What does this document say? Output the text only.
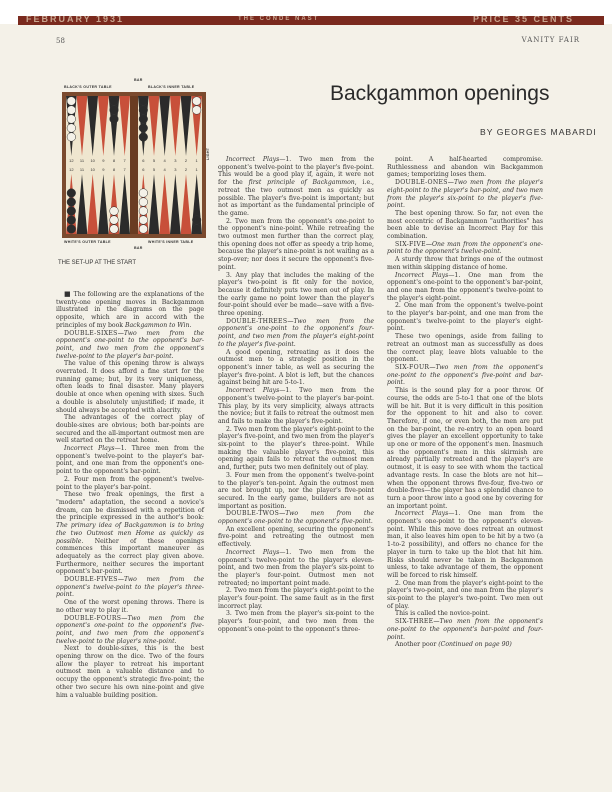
FEBRUARY 1931	THE CONDÉ NAST	PRICE 35 CENTS
58	VANITY FAIR
Backgammon openings
BY GEORGES MABARDI
BLACK'S OUTER TABLE	BLACK'S INNER TABLE
BAR
WHITE'S OUTER TABLE	WHITE'S INNER TABLE
BAR
LIGHT
12
12
11
11
10
10
9
9
8
8
7
7
6
6
5
5
4
4
3
3
2
2
1
1
THE SET-UP AT THE START

■ The following are the explanations of the twenty-one opening moves in Backgammon illustrated in the diagrams on the page opposite, which are in accord with the principles of my book Backgammon to Win.

DOUBLE-SIXES—Two men from the opponent's one-point to the opponent's bar-point, and two men from the opponent's twelve-point to the player's bar-point.

The value of this opening throw is always overrated. It does afford a fine start for the running game; but, by its very uniqueness, often leads to final disaster. Many players double at once when opening with sixes. Such a double is absolutely unjustified; if made, it should always be accepted with alacrity.

The advantages of the correct play of double-sixes are obvious; both bar-points are secured and the all-important outmost men are well started on the retreat home.

Incorrect Plays—1. Three men from the opponent's twelve-point to the player's bar-point, and one man from the opponent's one-point to the opponent's bar-point.

2. Four men from the opponent's twelve-point to the player's bar-point.

These two freak openings, the first a "modern" adaptation, the second a novice's dream, can be dismissed with a repetition of the principle expressed in the author's book: The primary idea of Backgammon is to bring the two Outmost men Home as quickly as possible. Neither of these openings commences this important maneuver as adequately as the correct play given above. Furthermore, neither secures the important opponent's bar-point.

DOUBLE-FIVES—Two men from the opponent's twelve-point to the player's three-point.

One of the worst opening throws. There is no other way to play it.

DOUBLE-FOURS—Two men from the opponent's one-point to the opponent's five-point, and two men from the opponent's twelve-point to the player's nine-point.

Next to double-sixes, this is the best opening throw on the dice. Two of the fours allow the player to retreat his important outmost men a valuable distance and to occupy the opponent's strategic five-point; the other two secure his own nine-point and give him a valuable building position.

Incorrect Plays—1. Two men from the opponent's twelve-point to the player's five-point. This would be a good play if, again, it were not for the first principle of Backgammon, i.e., retreat the two outmost men as quickly as possible. The player's five-point is important; but not as important as the fundamental principle of the game.

2. Two men from the opponent's one-point to the opponent's nine-point. While retreating the two outmost men further than the correct play, this opening does not offer as speedy a trip home, because the player's nine-point is not waiting as a stop-over; nor does it secure the opponent's five-point.

3. Any play that includes the making of the player's two-point is fit only for the novice, because it definitely puts two men out of play. In the early game no point lower than the player's four-point should ever be made—save with a five-three opening.

DOUBLE-THREES—Two men from the opponent's one-point to the opponent's four-point, and two men from the player's eight-point to the player's five-point.

A good opening, retreating as it does the outmost men to a strategic position in the opponent's inner table, as well as securing the player's five-point. A blot is left, but the chances against being hit are 5-to-1.

Incorrect Plays—1. Two men from the opponent's twelve-point to the player's bar-point. This play, by its very simplicity, always attracts the novice; but it fails to retreat the outmost men and fails to make the player's five-point.

2. Two men from the player's eight-point to the player's five-point, and two men from the player's six-point to the player's three-point. While making the valuable player's five-point, this opening again fails to retreat the outmost men and, further, puts two men definitely out of play.

3. Four men from the opponent's twelve-point to the player's ten-point. Again the outmost men are not brought up, nor the player's five-point secured. In the early game, builders are not as important as position.

DOUBLE-TWOS—Two men from the opponent's one-point to the opponent's five-point.

An excellent opening, securing the opponent's five-point and retreating the outmost men effectively.

Incorrect Plays—1. Two men from the opponent's twelve-point to the player's eleven-point, and two men from the player's six-point to the player's four-point. Outmost men not retreated; no important point made.

2. Two men from the player's eight-point to the player's four-point. The same fault as in the first incorrect play.

3. Two men from the player's six-point to the player's four-point, and two men from the opponent's one-point to the opponent's three-

point. A half-hearted compromise. Ruthlessness and abandon win Backgammon games; temporizing loses them.

DOUBLE-ONES—Two men from the player's eight-point to the player's bar-point, and two men from the player's six-point to the player's five-point.

The best opening throw. So far, not even the most eccentric of Backgammon "authorities" has been able to devise an Incorrect Play for this combination.

SIX-FIVE—One man from the opponent's one-point to the opponent's twelve-point.

A sturdy throw that brings one of the outmost men within skipping distance of home.

Incorrect Plays—1. One man from the opponent's one-point to the opponent's bar-point, and one man from the opponent's twelve-point to the player's eight-point.

2. One man from the opponent's twelve-point to the player's bar-point, and one man from the opponent's twelve-point to the player's eight-point.

These two openings, aside from failing to retreat an outmost man as successfully as does the correct play, leave blots valuable to the opponent.

SIX-FOUR—Two men from the opponent's one-point to the opponent's five-point and bar-point.

This is the sound play for a poor throw. Of course, the odds are 5-to-1 that one of the blots will be hit. But it is very difficult in this position for the opponent to hit and also to cover. Therefore, if one, or even both, the men are put on the bar-point, the re-entry to an open board gives the player an excellent opportunity to take up one or more of the opponent's men. Inasmuch as the opponent's men in this skirmish are already partially retreated and the player's are outmost, it is easy to see with whom the tactical advantage rests. In case the blots are not hit—when the opponent throws five-four, five-two or double-fives—the player has a splendid chance to turn a poor throw into a good one by covering for an important point.

Incorrect Plays—1. One man from the opponent's one-point to the opponent's eleven-point. While this move does retreat an outmost man, it also leaves him open to be hit by a two (a 1-to-2 possibility), and offers no chance for the player in turn to take up the blot that hit him. Risks should never be taken in Backgammon unless, to take advantage of them, the opponent will be forced to risk himself.

2. One man from the player's eight-point to the player's two-point, and one man from the player's six-point to the player's two-point. Two men out of play.

This is called the novice-point.

SIX-THREE—Two men from the opponent's one-point to the opponent's bar-point and four-point.

Another poor (Continued on page 90)
